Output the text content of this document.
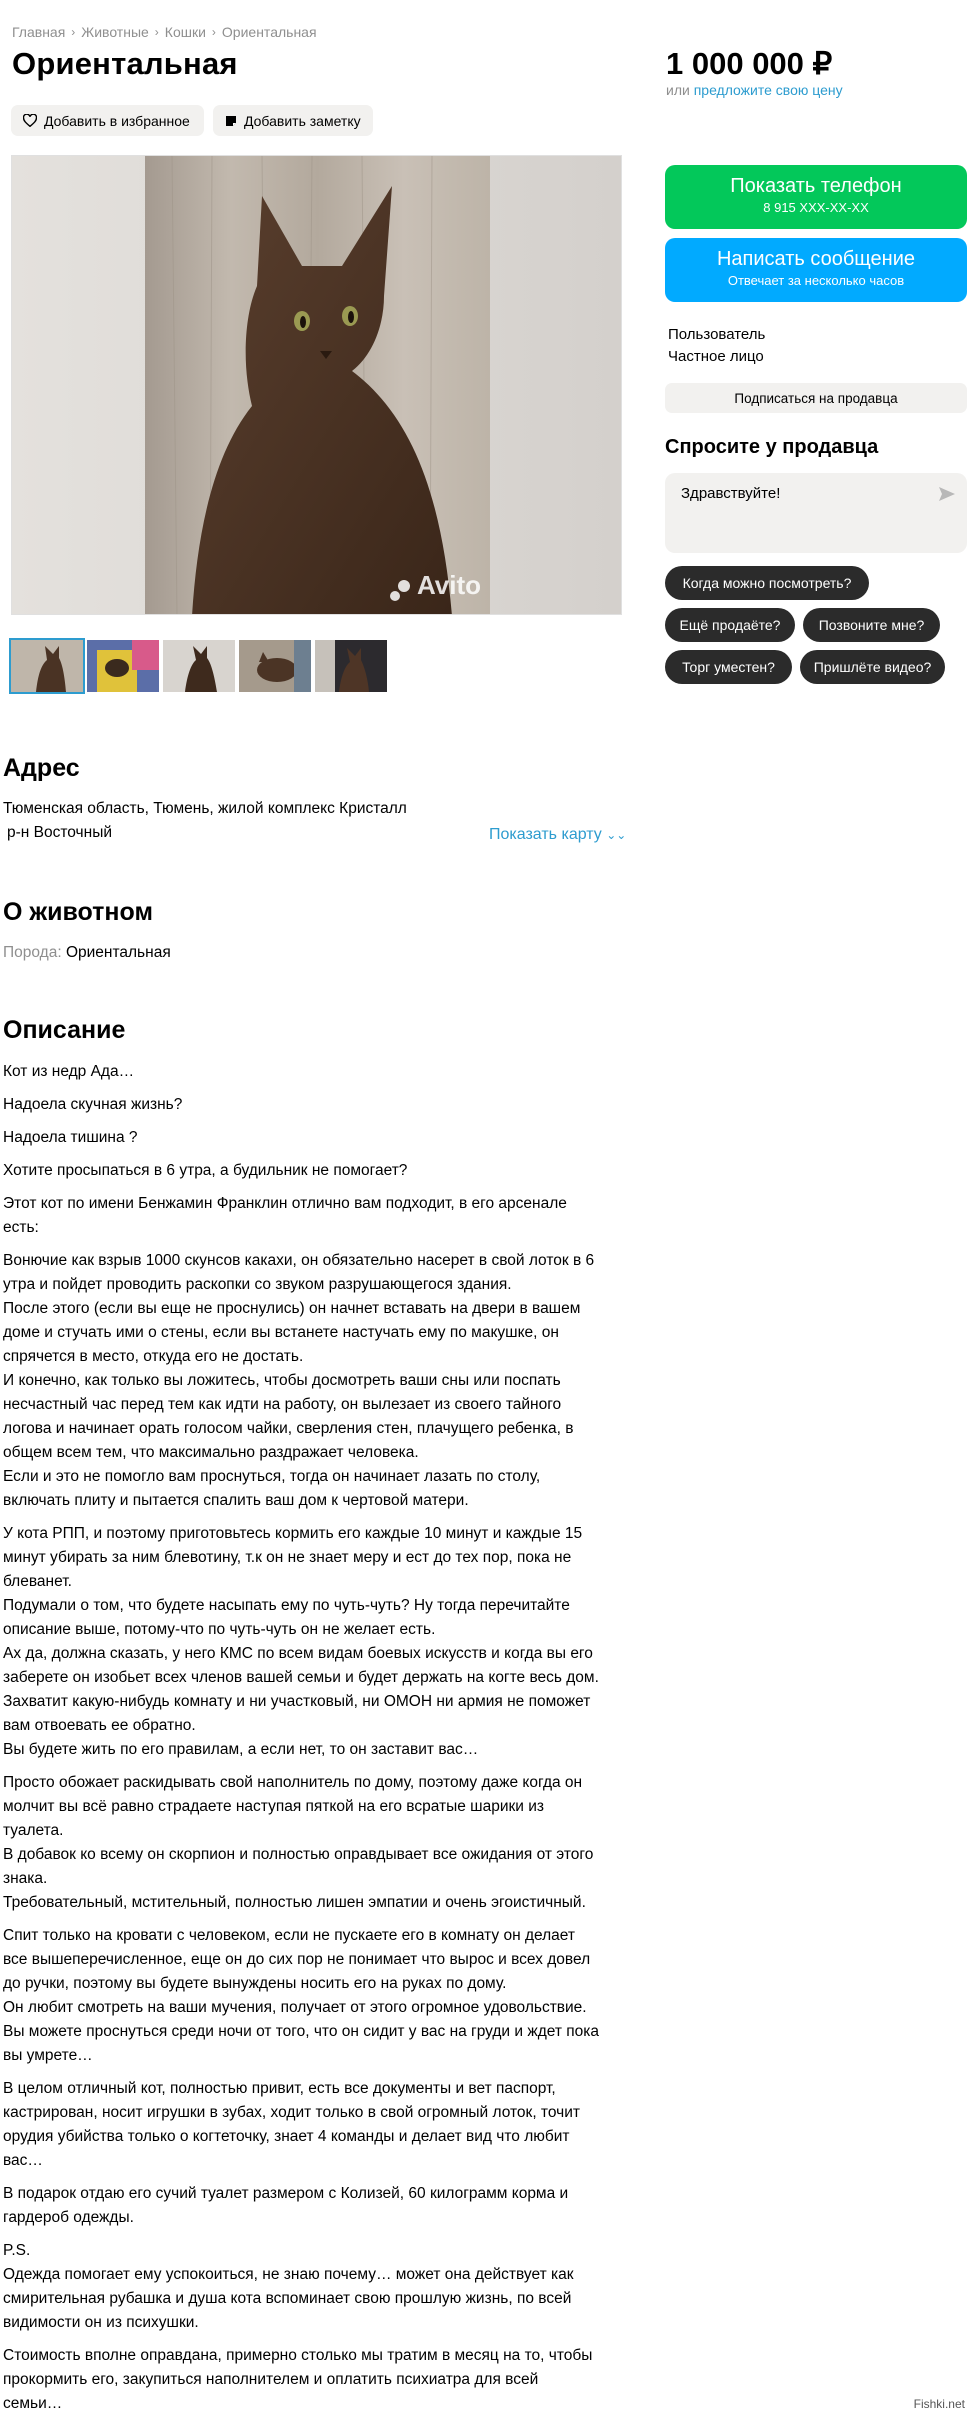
Главная › Животные › Кошки › Ориентальная
Ориентальная	1 000 000 ₽
или предложите свою цену
Добавить в избранное	Добавить заметку
Avito
Показать телефон
8 915 XXX-XX-XX
Написать сообщение
Отвечает за несколько часов
Пользователь
Частное лицо
Подписаться на продавца
Спросите у продавца
Здравствуйте!
Когда можно посмотреть?
Ещё продаёте?	Позвоните мне?
Торг уместен?	Пришлёте видео?
Адрес
Тюменская область, Тюмень, жилой комплекс Кристалл
р-н Восточный	Показать карту ⌄⌄
О животном
Порода: Ориентальная
Описание

Кот из недр Ада…

Надоела скучная жизнь?

Надоела тишина ?

Хотите просыпаться в 6 утра, а будильник не помогает?

Этот кот по имени Бенжамин Франклин отлично вам подходит, в его арсенале
есть:

Вонючие как взрыв 1000 скунсов какахи, он обязательно насерет в свой лоток в 6
утра и пойдет проводить раскопки со звуком разрушающегося здания.
После этого (если вы еще не проснулись) он начнет вставать на двери в вашем
доме и стучать ими о стены, если вы встанете настучать ему по макушке, он
спрячется в место, откуда его не достать.
И конечно, как только вы ложитесь, чтобы досмотреть ваши сны или поспать
несчастный час перед тем как идти на работу, он вылезает из своего тайного
логова и начинает орать голосом чайки, сверления стен, плачущего ребенка, в
общем всем тем, что максимально раздражает человека.
Если и это не помогло вам проснуться, тогда он начинает лазать по столу,
включать плиту и пытается спалить ваш дом к чертовой матери.

У кота РПП, и поэтому приготовьтесь кормить его каждые 10 минут и каждые 15
минут убирать за ним блевотину, т.к он не знает меру и ест до тех пор, пока не
блеванет.
Подумали о том, что будете насыпать ему по чуть-чуть? Ну тогда перечитайте
описание выше, потому-что по чуть-чуть он не желает есть.
Ах да, должна сказать, у него КМС по всем видам боевых искусств и когда вы его
заберете он изобьет всех членов вашей семьи и будет держать на когте весь дом.
Захватит какую-нибудь комнату и ни участковый, ни ОМОН ни армия не поможет
вам отвоевать ее обратно.
Вы будете жить по его правилам, а если нет, то он заставит вас…

Просто обожает раскидывать свой наполнитель по дому, поэтому даже когда он
молчит вы всё равно страдаете наступая пяткой на его всратые шарики из
туалета.
В добавок ко всему он скорпион и полностью оправдывает все ожидания от этого
знака.
Требовательный, мстительный, полностью лишен эмпатии и очень эгоистичный.

Спит только на кровати с человеком, если не пускаете его в комнату он делает
все вышеперечисленное, еще он до сих пор не понимает что вырос и всех довел
до ручки, поэтому вы будете вынуждены носить его на руках по дому.
Он любит смотреть на ваши мучения, получает от этого огромное удовольствие.
Вы можете проснуться среди ночи от того, что он сидит у вас на груди и ждет пока
вы умрете…

В целом отличный кот, полностью привит, есть все документы и вет паспорт,
кастрирован, носит игрушки в зубах, ходит только в свой огромный лоток, точит
орудия убийства только о когтеточку, знает 4 команды и делает вид что любит
вас…

В подарок отдаю его сучий туалет размером с Колизей, 60 килограмм корма и
гардероб одежды.

P.S.
Одежда помогает ему успокоиться, не знаю почему… может она действует как
смирительная рубашка и душа кота вспоминает свою прошлую жизнь, по всей
видимости он из психушки.

Стоимость вполне оправдана, примерно столько мы тратим в месяц на то, чтобы
прокормить его, закупиться наполнителем и оплатить психиатра для всей
семьи…	Fishki.net
